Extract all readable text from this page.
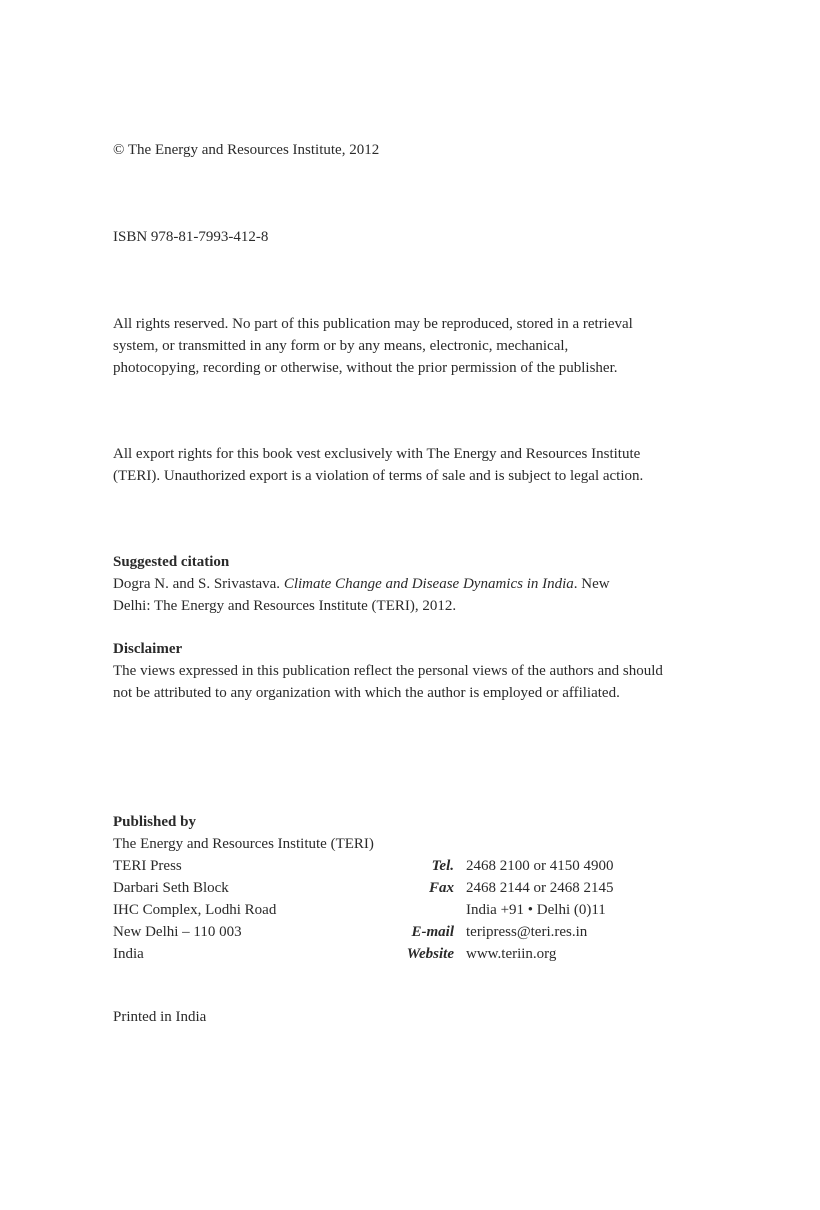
© The Energy and Resources Institute, 2012

ISBN 978-81-7993-412-8

All rights reserved. No part of this publication may be reproduced, stored in a retrieval system, or transmitted in any form or by any means, electronic, mechanical, photocopying, recording or otherwise, without the prior permission of the publisher.

All export rights for this book vest exclusively with The Energy and Resources Institute (TERI). Unauthorized export is a violation of terms of sale and is subject to legal action.

Suggested citation

Dogra N. and S. Srivastava. Climate Change and Disease Dynamics in India. New Delhi: The Energy and Resources Institute (TERI), 2012.

Disclaimer

The views expressed in this publication reflect the personal views of the authors and should not be attributed to any organization with which the author is employed or affiliated.

Published by

The Energy and Resources Institute (TERI)

TERI Press	Tel. 2468 2100 or 4150 4900
Darbari Seth Block	Fax 2468 2144 or 2468 2145
IHC Complex, Lodhi Road	India +91 • Delhi (0)11
New Delhi – 110 003	E-mail teripress@teri.res.in
India	Website www.teriin.org

Printed in India
